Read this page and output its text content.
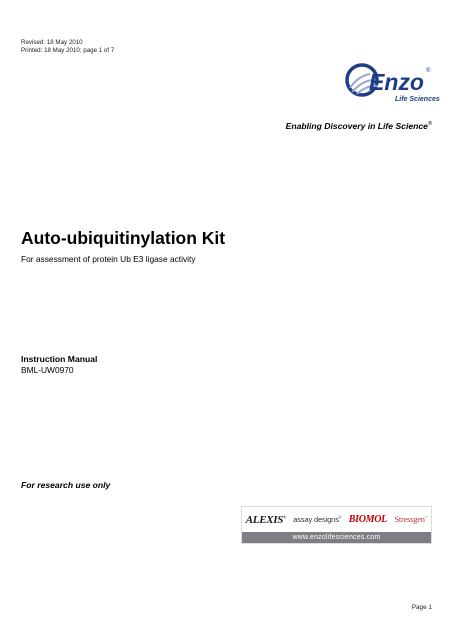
Revised: 18 May 2010
Printed: 18 May 2010; page 1 of 7
Enzo ®
Life Sciences
Enabling Discovery in Life Science®
Auto-ubiquitinylation Kit
For assessment of protein Ub E3 ligase activity
Instruction Manual
BML-UW0970
For research use only
ALEXIS® assay designs® BIOMOL Stressgen®
www.enzolifesciences.com
Page 1
